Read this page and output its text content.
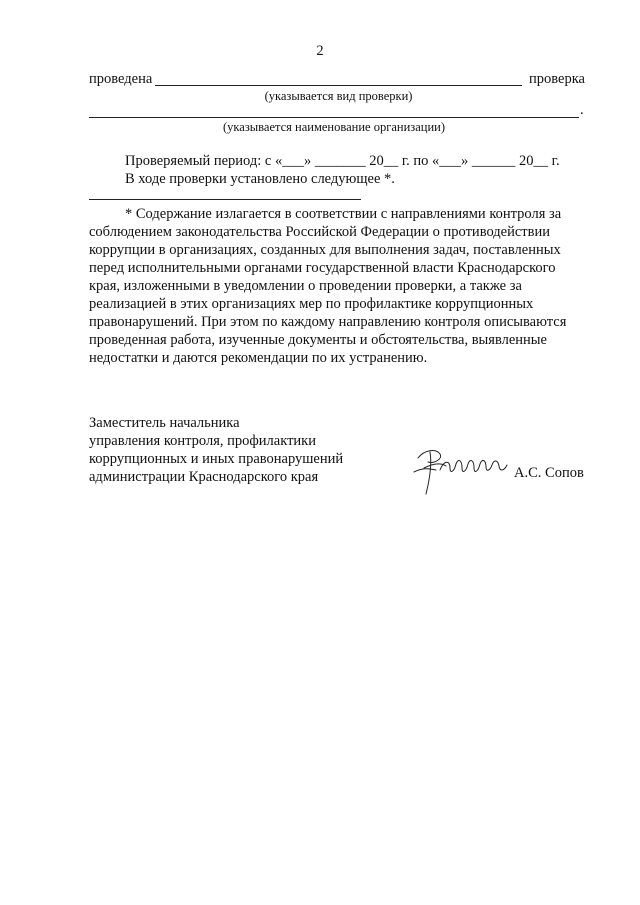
2
проведена	проверка
(указывается вид проверки)
.
(указывается наименование организации)
Проверяемый период: с «___» _______ 20__ г. по «___» ______ 20__ г.
В ходе проверки установлено следующее *.
* Содержание излагается в соответствии с направлениями контроля за
соблюдением законодательства Российской Федерации о противодействии
коррупции в организациях, созданных для выполнения задач, поставленных
перед исполнительными органами государственной власти Краснодарского
края, изложенными в уведомлении о проведении проверки, а также за
реализацией в этих организациях мер по профилактике коррупционных
правонарушений. При этом по каждому направлению контроля описываются
проведенная работа, изученные документы и обстоятельства, выявленные
недостатки и даются рекомендации по их устранению.
Заместитель начальника
управления контроля, профилактики
коррупционных и иных правонарушений
администрации Краснодарского края	А.С. Сопов
